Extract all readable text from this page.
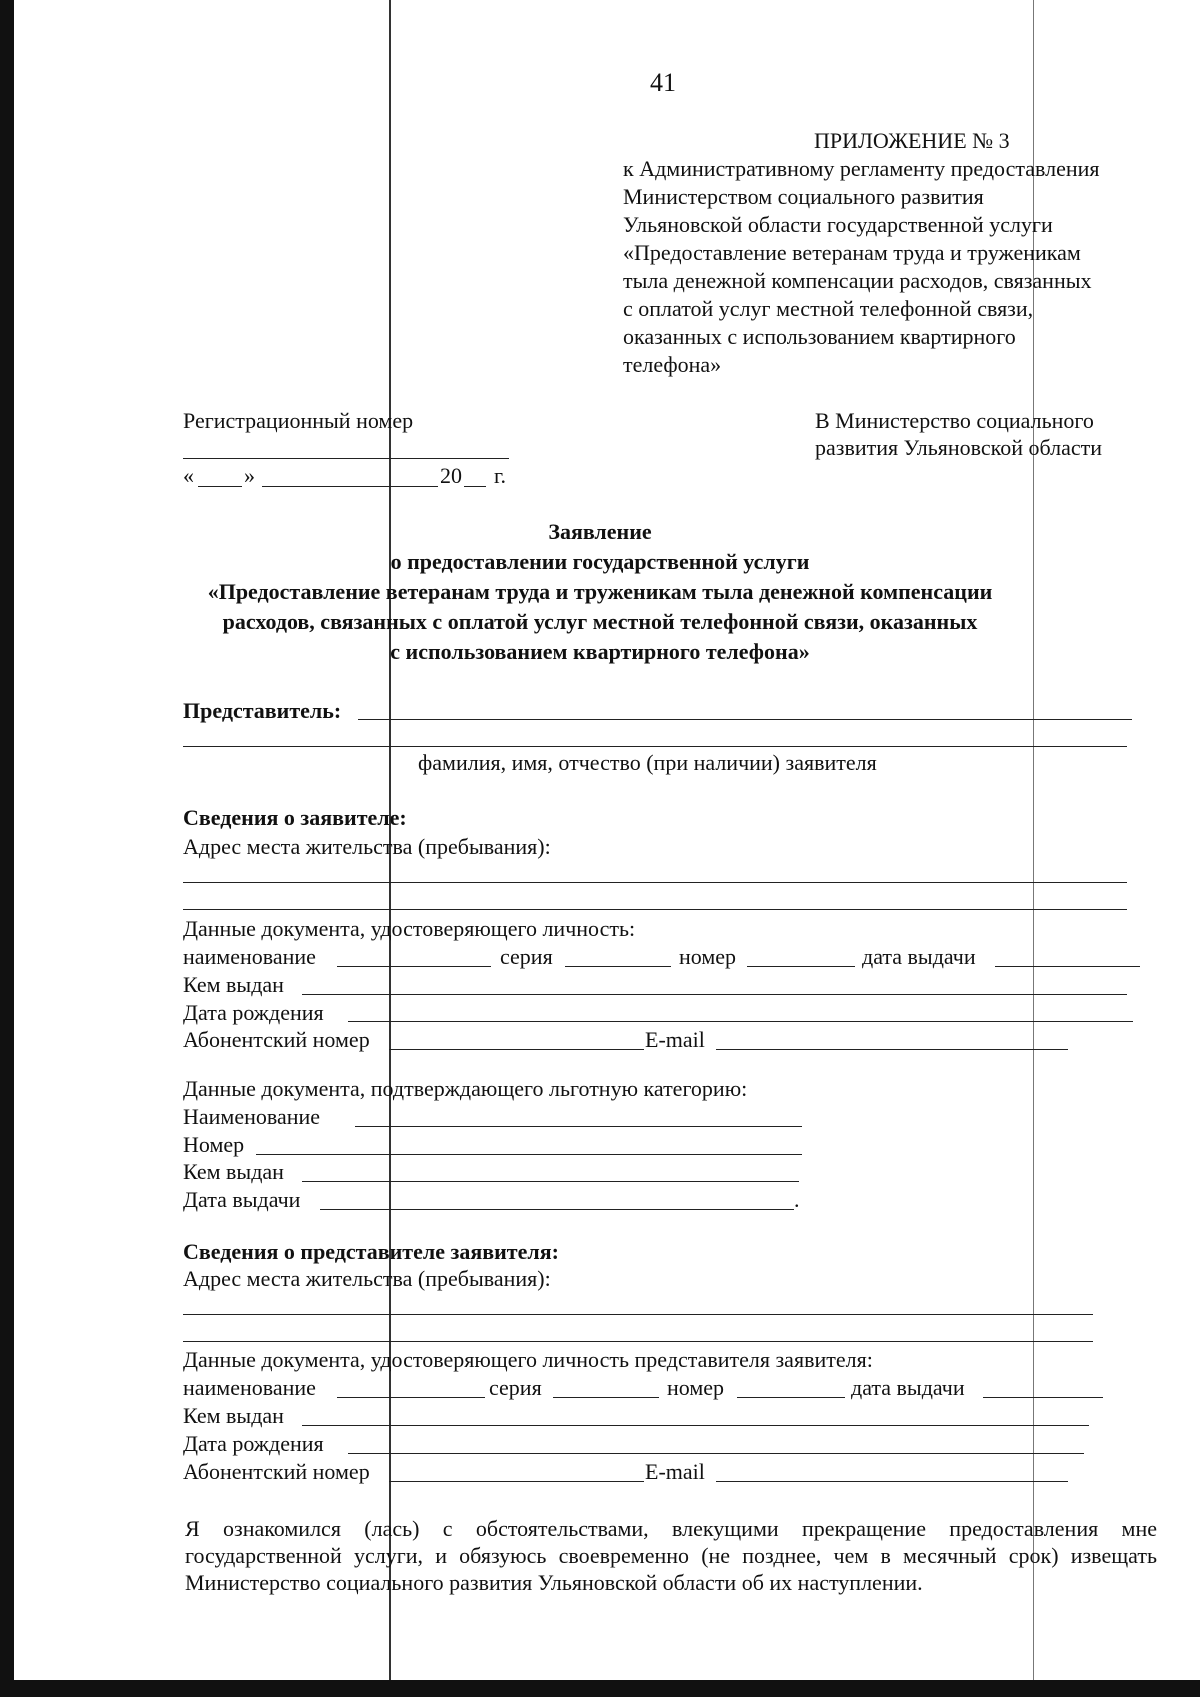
41
ПРИЛОЖЕНИЕ № 3
к Административному регламенту предоставления
Министерством социального развития
Ульяновской области государственной услуги
«Предоставление ветеранам труда и труженикам
тыла денежной компенсации расходов, связанных
с оплатой услуг местной телефонной связи,
оказанных с использованием квартирного
телефона»
Регистрационный номер
« »	20 г.
В Министерство социального
развития Ульяновской области
Заявление
о предоставлении государственной услуги
«Предоставление ветеранам труда и труженикам тыла денежной компенсации
расходов, связанных с оплатой услуг местной телефонной связи, оказанных
с использованием квартирного телефона»
Представитель:
фамилия, имя, отчество (при наличии) заявителя
Сведения о заявителе:
Адрес места жительства (пребывания):
Данные документа, удостоверяющего личность:
наименование	серия	номер	дата выдачи
Кем выдан
Дата рождения
Абонентский номер	E-mail
Данные документа, подтверждающего льготную категорию:
Наименование
Номер
Кем выдан
Дата выдачи	.
Сведения о представителе заявителя:
Адрес места жительства (пребывания):
Данные документа, удостоверяющего личность представителя заявителя:
наименование	серия	номер	дата выдачи
Кем выдан
Дата рождения
Абонентский номер	E-mail
Я ознакомился (лась) с обстоятельствами, влекущими прекращение предоставления мне государственной услуги, и обязуюсь своевременно (не позднее, чем в месячный срок) извещать Министерство социального развития Ульяновской области об их наступлении.
